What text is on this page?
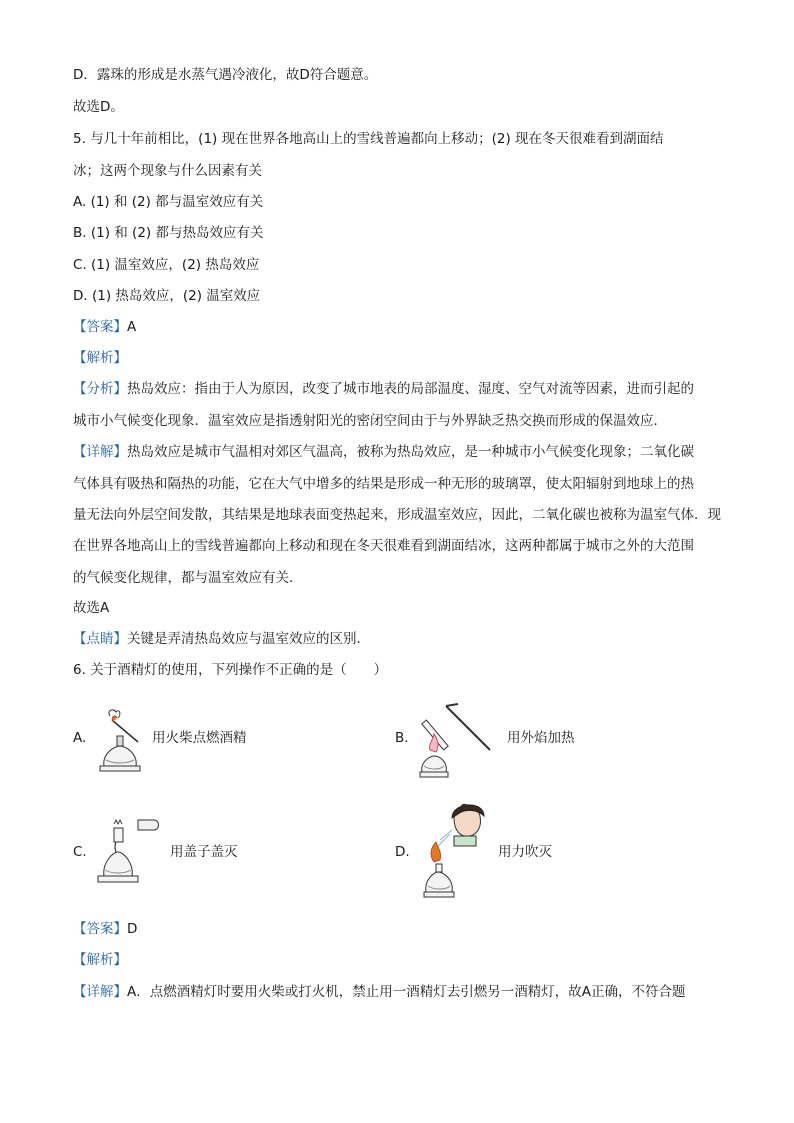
D．露珠的形成是水蒸气遇冷液化，故D符合题意。
故选D。
5. 与几十年前相比，(1) 现在世界各地高山上的雪线普遍都向上移动；(2) 现在冬天很难看到湖面结
冰；这两个现象与什么因素有关
A. (1) 和 (2) 都与温室效应有关
B. (1) 和 (2) 都与热岛效应有关
C. (1) 温室效应，(2) 热岛效应
D. (1) 热岛效应，(2) 温室效应
【答案】A
【解析】
【分析】热岛效应：指由于人为原因，改变了城市地表的局部温度、湿度、空气对流等因素，进而引起的
城市小气候变化现象．温室效应是指透射阳光的密闭空间由于与外界缺乏热交换而形成的保温效应．
【详解】热岛效应是城市气温相对郊区气温高，被称为热岛效应，是一种城市小气候变化现象；二氧化碳
气体具有吸热和隔热的功能，它在大气中增多的结果是形成一种无形的玻璃罩，使太阳辐射到地球上的热
量无法向外层空间发散，其结果是地球表面变热起来，形成温室效应，因此，二氧化碳也被称为温室气体．现
在世界各地高山上的雪线普遍都向上移动和现在冬天很难看到湖面结冰，这两种都属于城市之外的大范围
的气候变化规律，都与温室效应有关．
故选A
【点睛】关键是弄清热岛效应与温室效应的区别．
6. 关于酒精灯的使用，下列操作不正确的是（　　）
A.	用火柴点燃酒精	B.	用外焰加热
C.	用盖子盖灭	D.	用力吹灭
【答案】D
【解析】
【详解】A．点燃酒精灯时要用火柴或打火机，禁止用一酒精灯去引燃另一酒精灯，故A正确，不符合题
